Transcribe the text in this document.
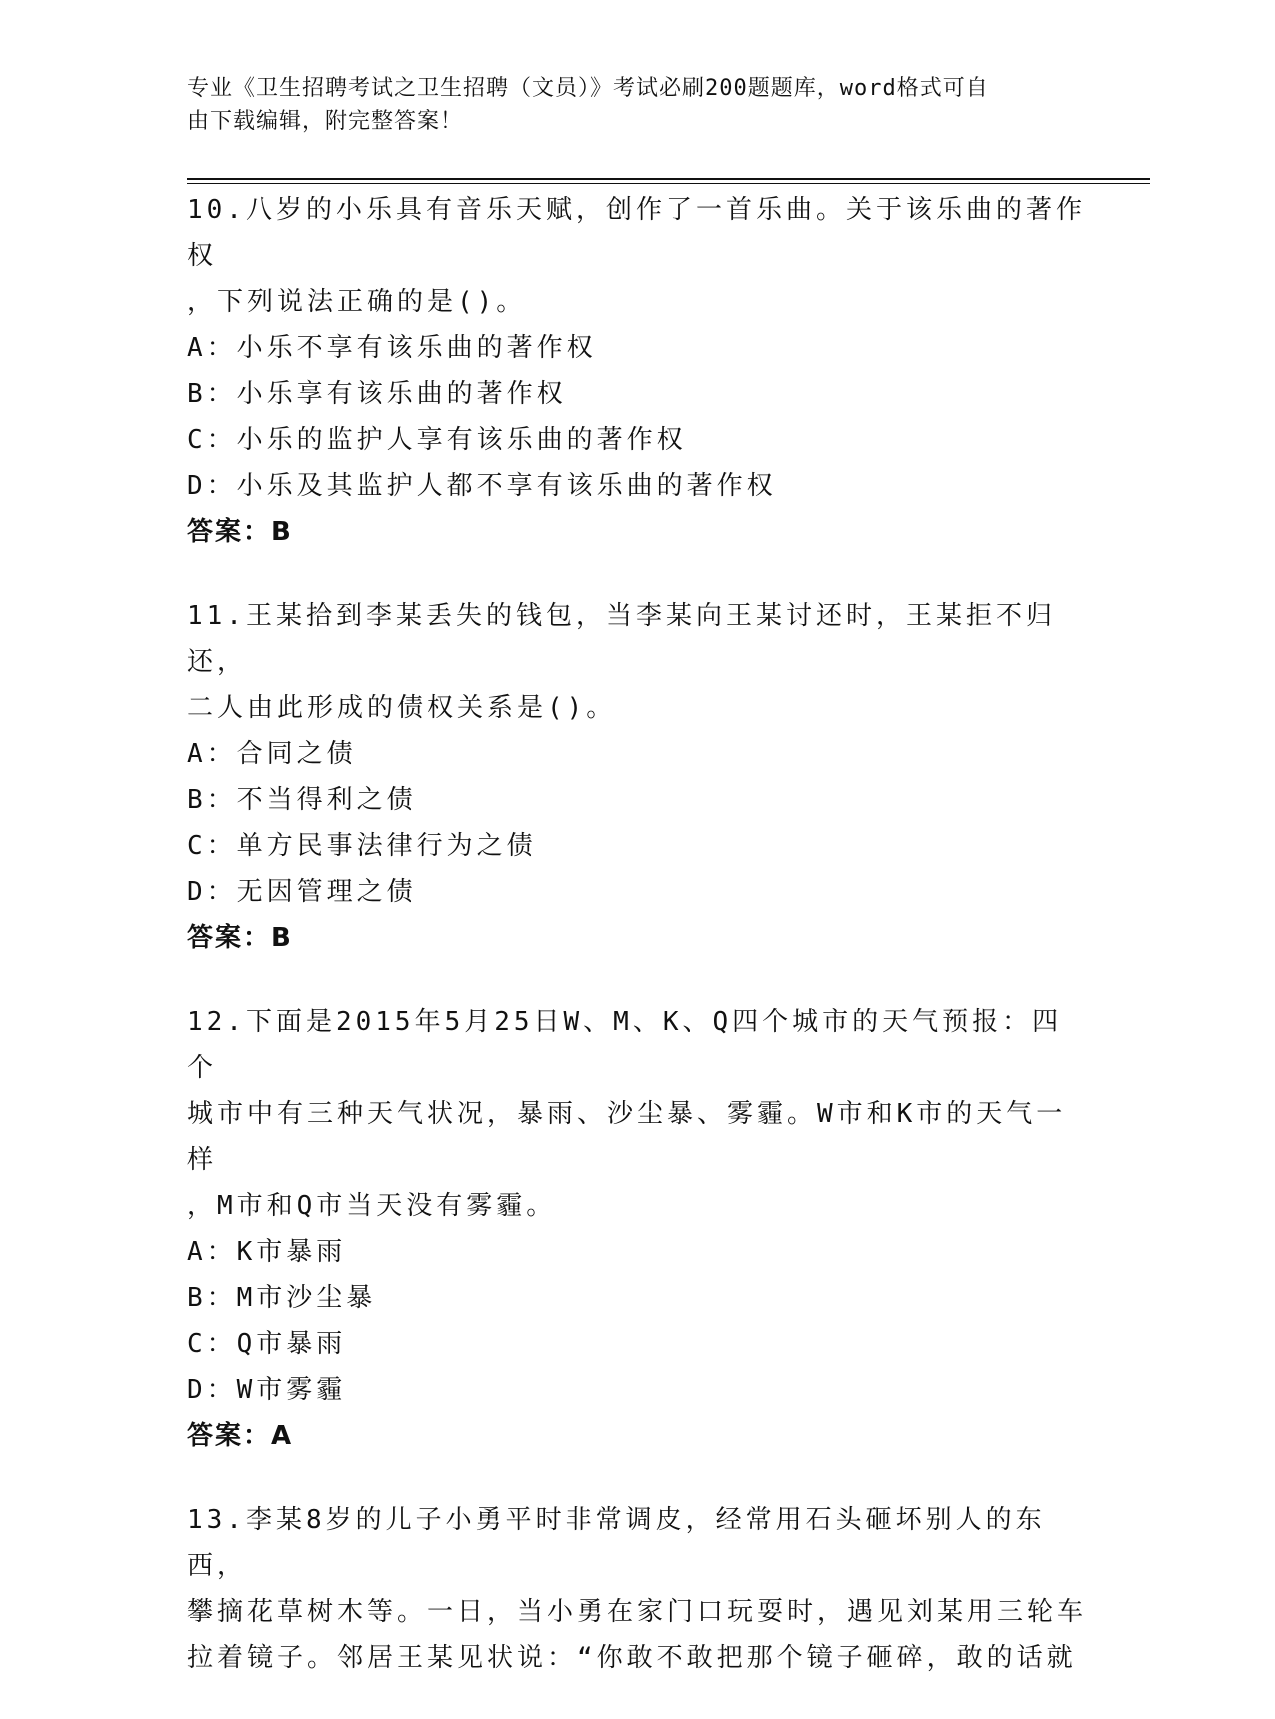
专业《卫生招聘考试之卫生招聘（文员）》考试必刷200题题库，word格式可自
由下载编辑，附完整答案！

10.八岁的小乐具有音乐天赋，创作了一首乐曲。关于该乐曲的著作权

，下列说法正确的是()。

A：小乐不享有该乐曲的著作权

B：小乐享有该乐曲的著作权

C：小乐的监护人享有该乐曲的著作权

D：小乐及其监护人都不享有该乐曲的著作权

答案：B

11.王某拾到李某丢失的钱包，当李某向王某讨还时，王某拒不归还，

二人由此形成的债权关系是()。

A：合同之债

B：不当得利之债

C：单方民事法律行为之债

D：无因管理之债

答案：B

12.下面是2015年5月25日W、M、K、Q四个城市的天气预报：四个

城市中有三种天气状况，暴雨、沙尘暴、雾霾。W市和K市的天气一样

，M市和Q市当天没有雾霾。

A：K市暴雨

B：M市沙尘暴

C：Q市暴雨

D：W市雾霾

答案：A

13.李某8岁的儿子小勇平时非常调皮，经常用石头砸坏别人的东西，

攀摘花草树木等。一日，当小勇在家门口玩耍时，遇见刘某用三轮车

拉着镜子。邻居王某见状说：“你敢不敢把那个镜子砸碎，敢的话就
